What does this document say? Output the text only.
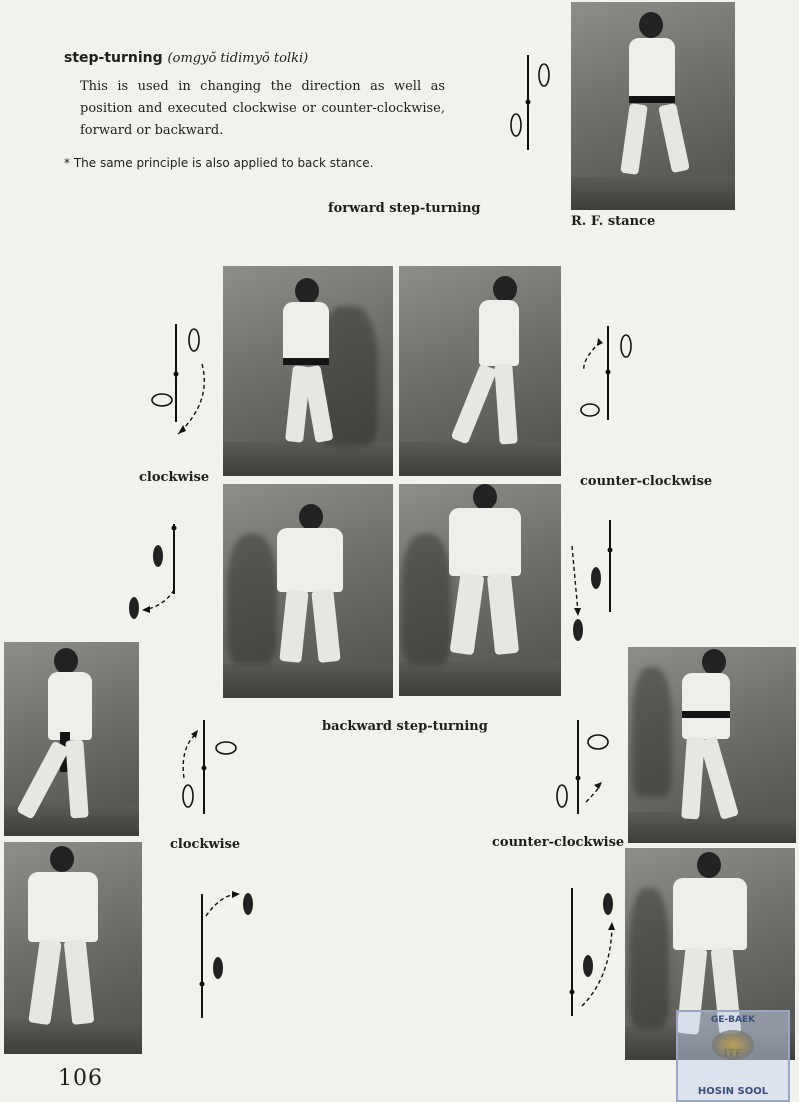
step-turning (omgyŏ tidimyŏ tolki)
This is used in changing the direction as well as position and executed clockwise or counter-clockwise, forward or backward.
* The same principle is also applied to back stance.
R. F. stance
forward step-turning
clockwise	counter-clockwise
backward step-turning
clockwise	counter-clockwise
106
GE-BAEK
HOSIN SOOL
